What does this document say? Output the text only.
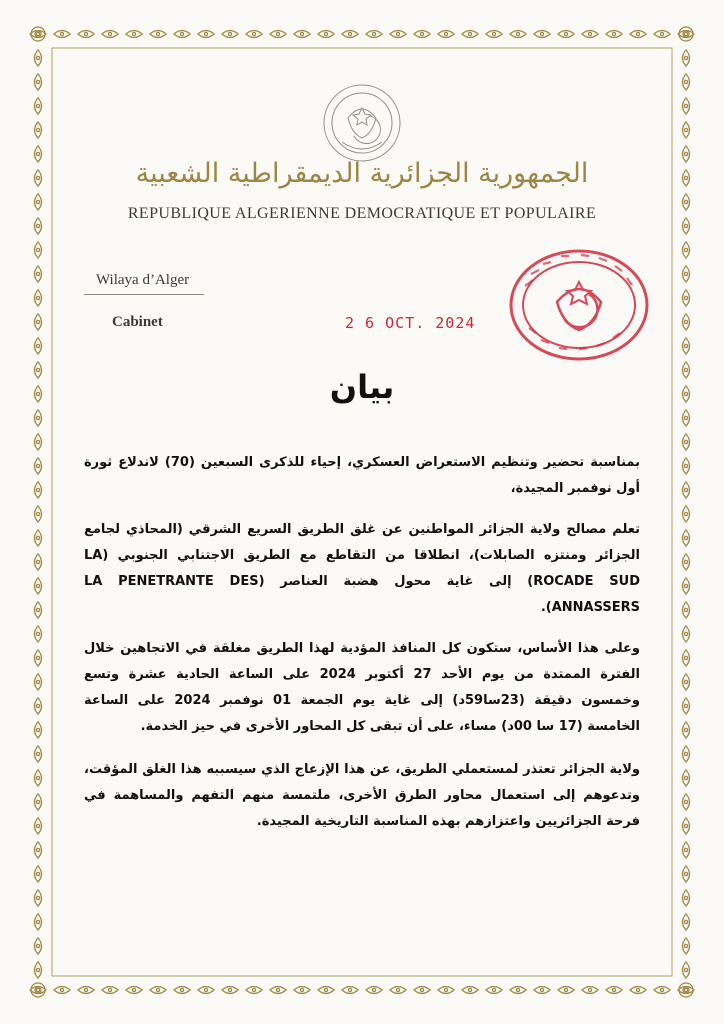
الجمهورية الجزائرية الديمقراطية الشعبية
REPUBLIQUE ALGERIENNE DEMOCRATIQUE ET POPULAIRE
Wilaya d’Alger
Cabinet	2 6 OCT. 2024
بيان

بمناسبة تحضير وتنظيم الاستعراض العسكري، إحياء للذكرى السبعين (70) لاندلاع ثورة أول نوفمبر المجيدة،

تعلم مصالح ولاية الجزائر المواطنين عن غلق الطريق السريع الشرقي (المحاذي لجامع الجزائر ومنتزه الصابلات)، انطلاقا من التقاطع مع الطريق الاجتنابي الجنوبي (LA ROCADE SUD) إلى غاية محول هضبة العناصر (LA PENETRANTE DES ANNASSERS).

وعلى هذا الأساس، ستكون كل المنافذ المؤدية لهذا الطريق مغلقة في الاتجاهين خلال الفترة الممتدة من يوم الأحد 27 أكتوبر 2024 على الساعة الحادية عشرة وتسع وخمسون دقيقة (23سا59د) إلى غاية يوم الجمعة 01 نوفمبر 2024 على الساعة الخامسة (17 سا 00د) مساء، على أن تبقى كل المحاور الأخرى في حيز الخدمة.

ولاية الجزائر تعتذر لمستعملي الطريق، عن هذا الإزعاج الذي سيسببه هذا الغلق المؤقت، وتدعوهم إلى استعمال محاور الطرق الأخرى، ملتمسة منهم التفهم والمساهمة في فرحة الجزائريين واعتزازهم بهذه المناسبة التاريخية المجيدة.
